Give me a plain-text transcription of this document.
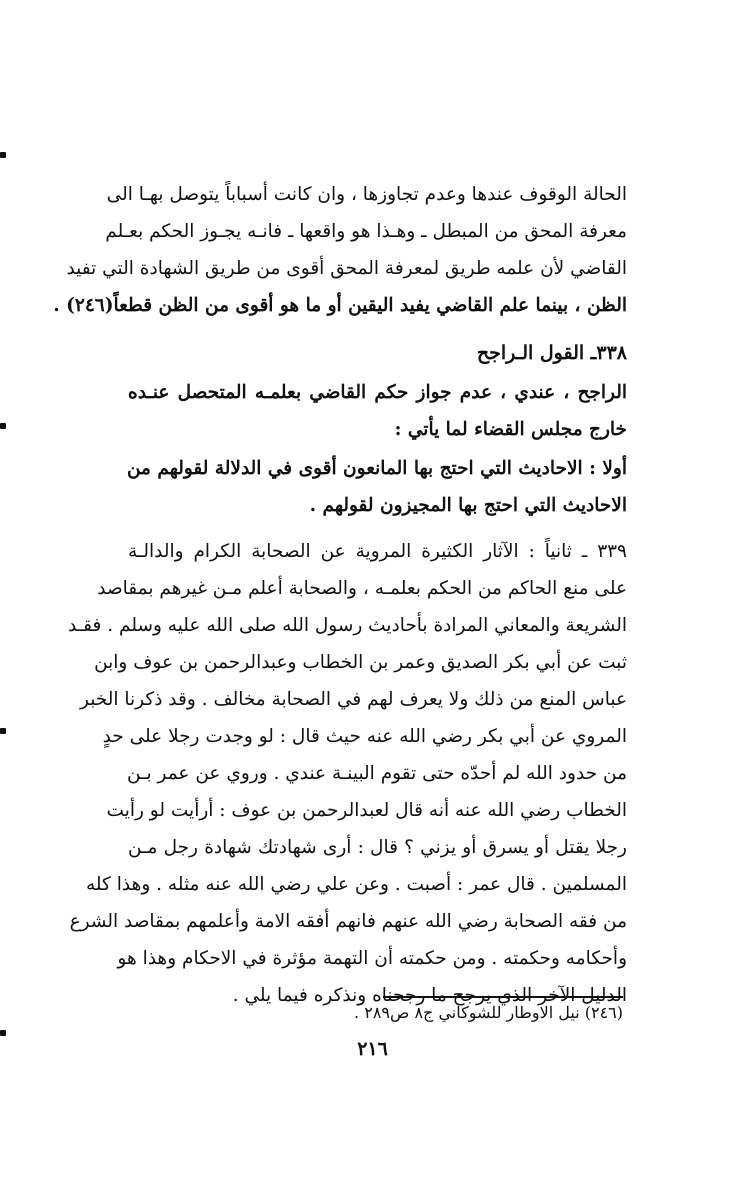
الحالة الوقوف عندها وعدم تجاوزها ، وان كانت أسباباً يتوصل بهـا الى
معرفة المحق من المبطل ـ وهـذا هو واقعها ـ فانـه يجـوز الحكم بعـلم
القاضي لأن علمه طريق لمعرفة المحق أقوى من طريق الشهادة التي تفيد
الظن ، بينما علم القاضي يفيد اليقين أو ما هو أقوى من الظن قطعاً(٢٤٦) .
٣٣٨ـ القول الـراجح
الراجح ، عندي ، عدم جواز حكم القاضي بعلمـه المتحصل عنـده
خارج مجلس القضاء لما يأتي :
أولا : الاحاديث التي احتج بها المانعون أقوى في الدلالة لقولهم من
الاحاديث التي احتج بها المجيزون لقولهم .
٣٣٩ ـ ثانياً : الآثار الكثيرة المروية عن الصحابة الكرام والدالـة
على منع الحاكم من الحكم بعلمـه ، والصحابة أعلم مـن غيرهم بمقاصد
الشريعة والمعاني المرادة بأحاديث رسول الله صلى الله عليه وسلم . فقـد
ثبت عن أبي بكر الصديق وعمر بن الخطاب وعبدالرحمن بن عوف وابن
عباس المنع من ذلك ولا يعرف لهم في الصحابة مخالف . وقد ذكرنا الخبر
المروي عن أبي بكر رضي الله عنه حيث قال : لو وجدت رجلا على حدٍ
من حدود الله لم أحدّه حتى تقوم البينـة عندي . وروي عن عمر بـن
الخطاب رضي الله عنه أنه قال لعبدالرحمن بن عوف : أرأيت لو رأيت
رجلا يقتل أو يسرق أو يزني ؟ قال : أرى شهادتك شهادة رجل مـن
المسلمين . قال عمر : أصبت . وعن علي رضي الله عنه مثله . وهذا كله
من فقه الصحابة رضي الله عنهم فانهم أفقه الامة وأعلمهم بمقاصد الشرع
وأحكامه وحكمته . ومن حكمته أن التهمة مؤثرة في الاحكام وهذا هو
الدليل الآخر الذي يرجح ما رجحناه ونذكره فيما يلي .
(٢٤٦) نيل الاوطار للشوكاني ج٨ ص٢٨٩ .
٢١٦
